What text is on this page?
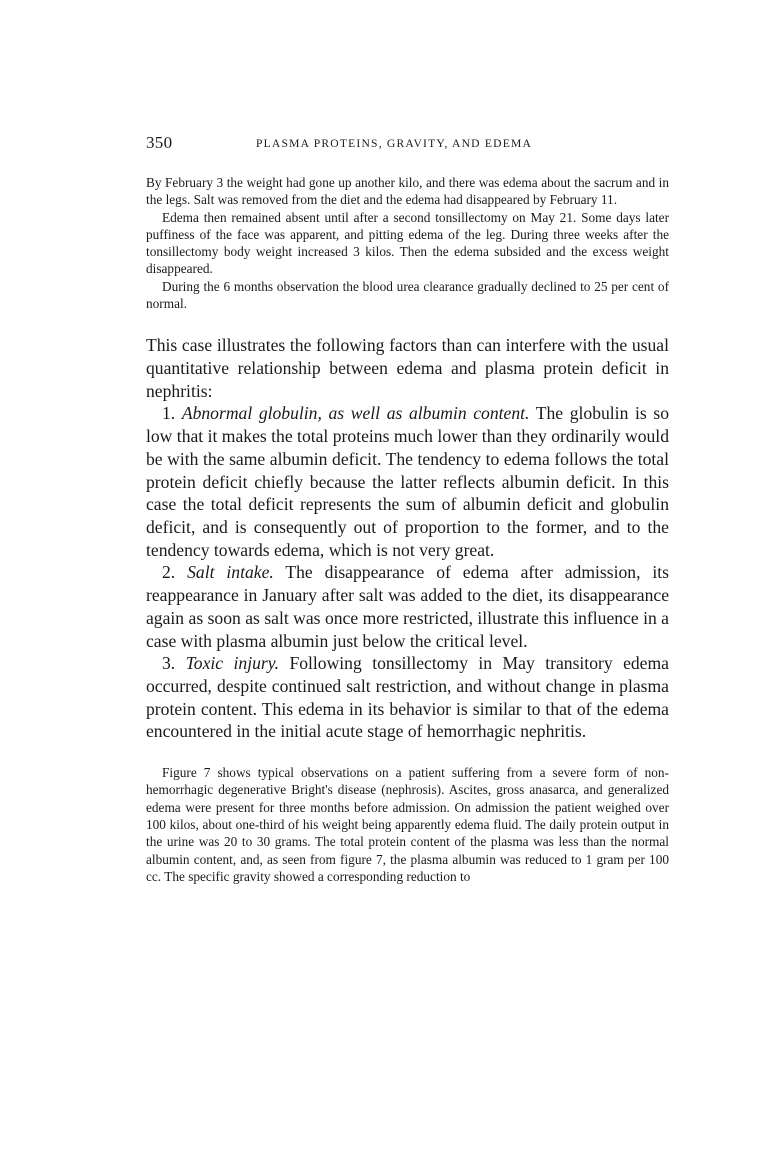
350	PLASMA PROTEINS, GRAVITY, AND EDEMA

By February 3 the weight had gone up another kilo, and there was edema about the sacrum and in the legs. Salt was removed from the diet and the edema had disappeared by February 11.

Edema then remained absent until after a second tonsillectomy on May 21. Some days later puffiness of the face was apparent, and pitting edema of the leg. During three weeks after the tonsillectomy body weight increased 3 kilos. Then the edema subsided and the excess weight disappeared.

During the 6 months observation the blood urea clearance gradually declined to 25 per cent of normal.

This case illustrates the following factors than can interfere with the usual quantitative relationship between edema and plasma protein deficit in nephritis:

1. Abnormal globulin, as well as albumin content. The globulin is so low that it makes the total proteins much lower than they ordinarily would be with the same albumin deficit. The tendency to edema follows the total protein deficit chiefly because the latter reflects albumin deficit. In this case the total deficit represents the sum of albumin deficit and globulin deficit, and is consequently out of proportion to the former, and to the tendency towards edema, which is not very great.

2. Salt intake. The disappearance of edema after admission, its reappearance in January after salt was added to the diet, its disappearance again as soon as salt was once more restricted, illustrate this influence in a case with plasma albumin just below the critical level.

3. Toxic injury. Following tonsillectomy in May transitory edema occurred, despite continued salt restriction, and without change in plasma protein content. This edema in its behavior is similar to that of the edema encountered in the initial acute stage of hemorrhagic nephritis.

Figure 7 shows typical observations on a patient suffering from a severe form of non-hemorrhagic degenerative Bright's disease (nephrosis). Ascites, gross anasarca, and generalized edema were present for three months before admission. On admission the patient weighed over 100 kilos, about one-third of his weight being apparently edema fluid. The daily protein output in the urine was 20 to 30 grams. The total protein content of the plasma was less than the normal albumin content, and, as seen from figure 7, the plasma albumin was reduced to 1 gram per 100 cc. The specific gravity showed a corresponding reduction to
